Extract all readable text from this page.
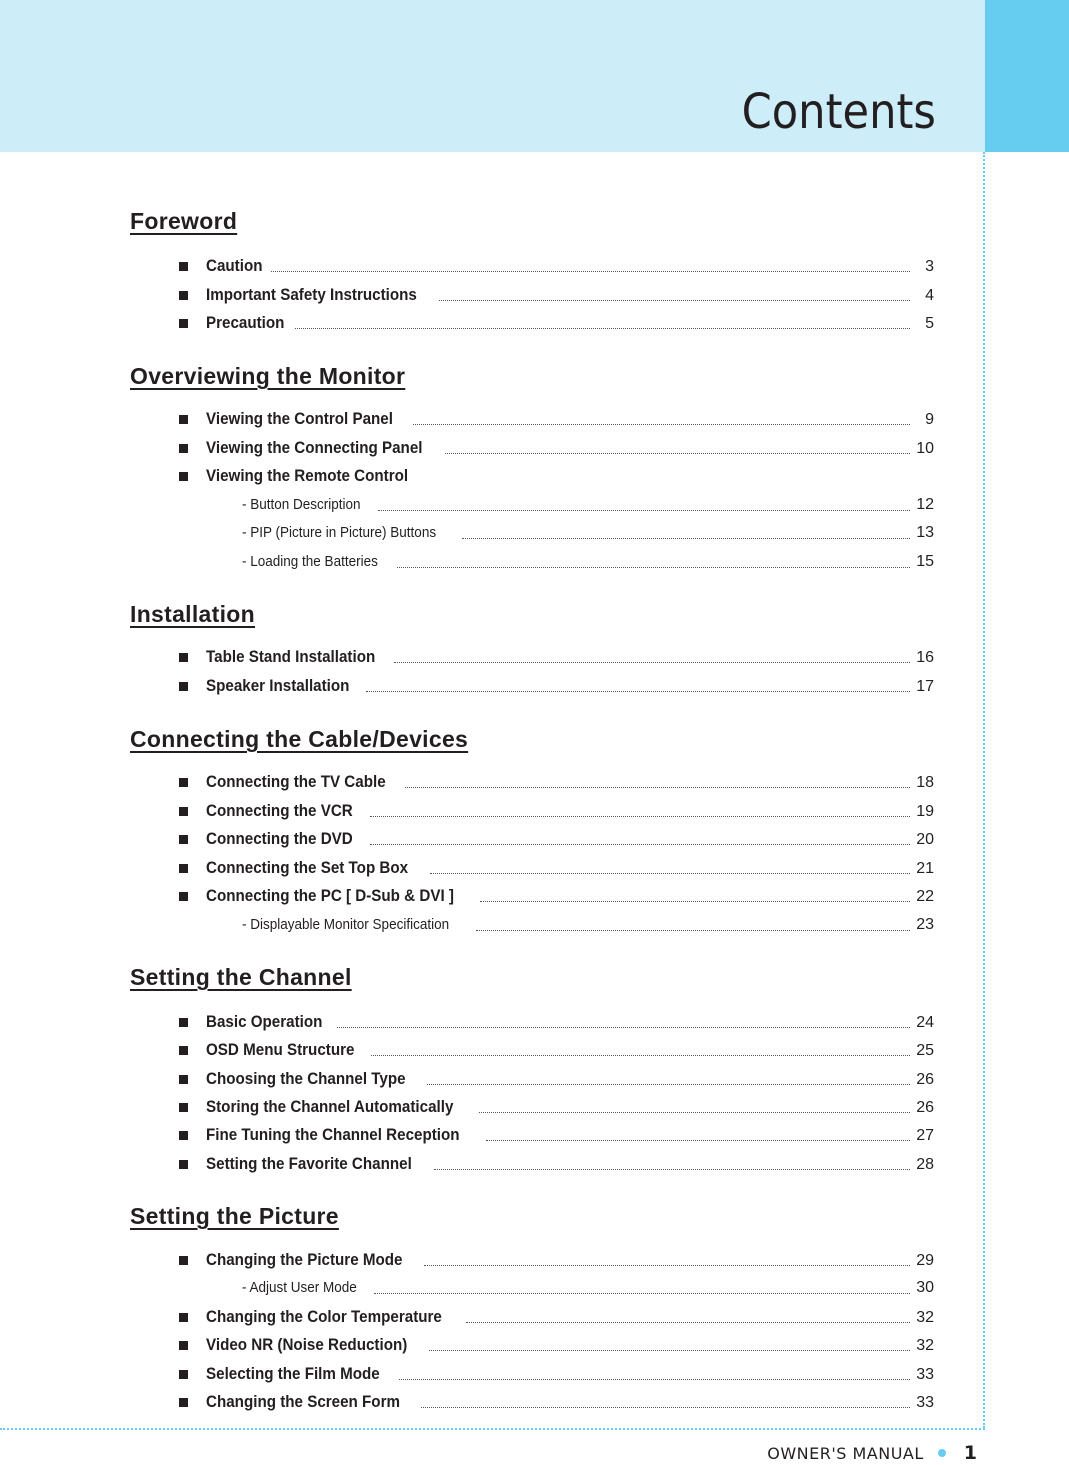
Contents
Foreword
Caution	3
Important Safety Instructions	4
Precaution	5
Overviewing the Monitor
Viewing the Control Panel	9
Viewing the Connecting Panel	10
Viewing the Remote Control
- Button Description	12
- PIP (Picture in Picture) Buttons	13
- Loading the Batteries	15
Installation
Table Stand Installation	16
Speaker Installation	17
Connecting the Cable/Devices
Connecting the TV Cable	18
Connecting the VCR	19
Connecting the DVD	20
Connecting the Set Top Box	21
Connecting the PC [ D-Sub & DVI ]	22
- Displayable Monitor Specification	23
Setting the Channel
Basic Operation	24
OSD Menu Structure	25
Choosing the Channel Type	26
Storing the Channel Automatically	26
Fine Tuning the Channel Reception	27
Setting the Favorite Channel	28
Setting the Picture
Changing the Picture Mode	29
- Adjust User Mode	30
Changing the Color Temperature	32
Video NR (Noise Reduction)	32
Selecting the Film Mode	33
Changing the Screen Form	33
OWNER'S MANUAL 1
